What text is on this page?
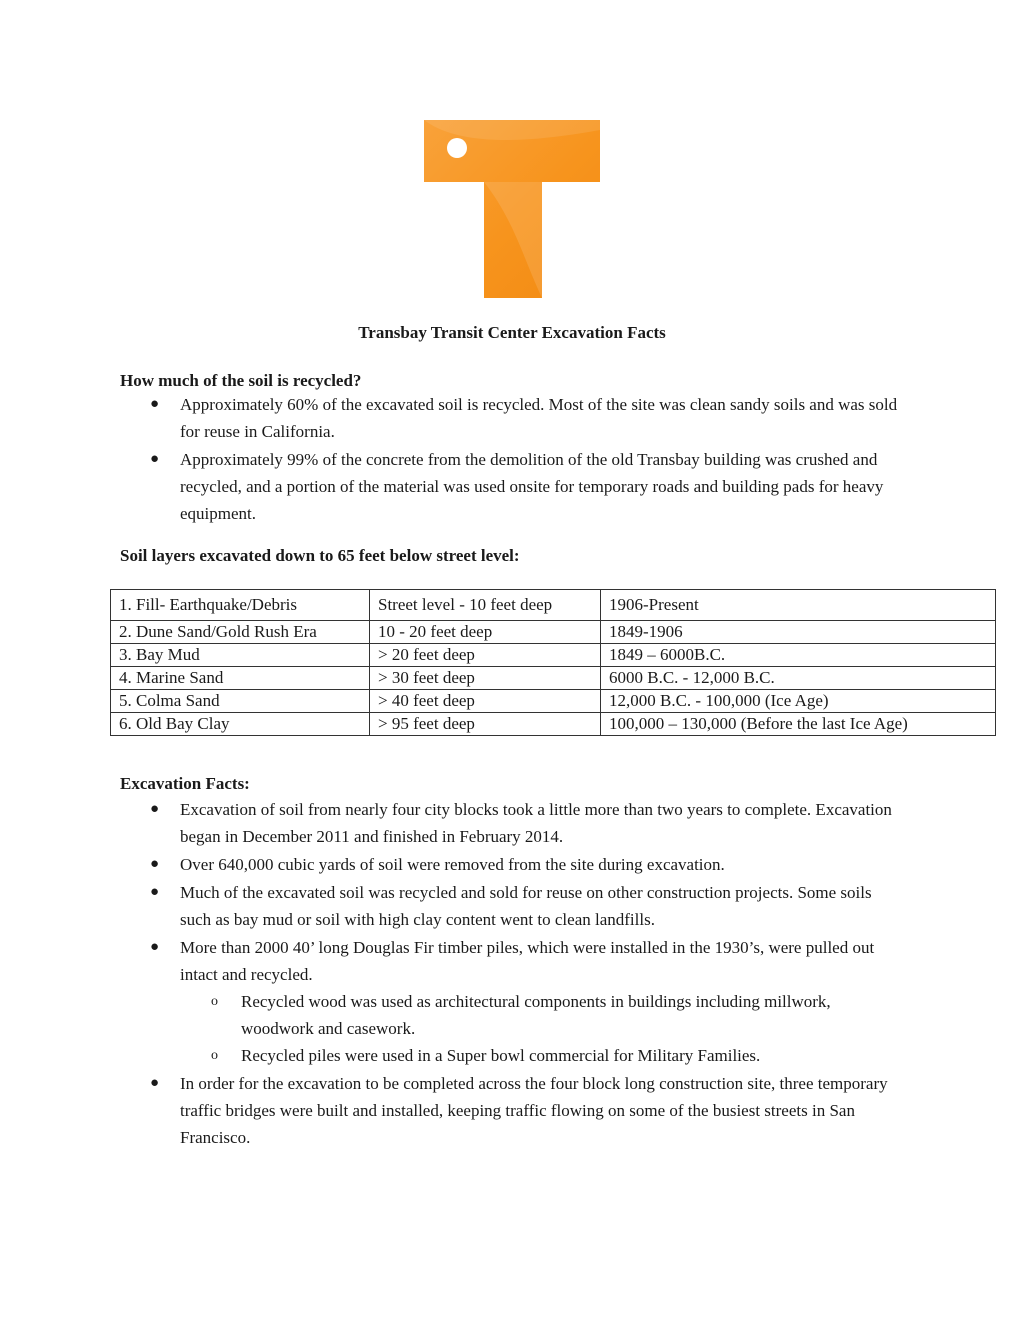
Transbay Transit Center Excavation Facts
How much of the soil is recycled?
● Approximately 60% of the excavated soil is recycled. Most of the site was clean sandy soils and was sold for reuse in California.
● Approximately 99% of the concrete from the demolition of the old Transbay building was crushed and recycled, and a portion of the material was used onsite for temporary roads and building pads for heavy equipment.
Soil layers excavated down to 65 feet below street level:
1. Fill- Earthquake/Debris	Street level - 10 feet deep	1906-Present
2. Dune Sand/Gold Rush Era	10 - 20 feet deep	1849-1906
3. Bay Mud	> 20 feet deep	1849 – 6000B.C.
4. Marine Sand	> 30 feet deep	6000 B.C. - 12,000 B.C.
5. Colma Sand	> 40 feet deep	12,000 B.C. - 100,000 (Ice Age)
6. Old Bay Clay	> 95 feet deep	100,000 – 130,000 (Before the last Ice Age)
Excavation Facts:
● Excavation of soil from nearly four city blocks took a little more than two years to complete. Excavation began in December 2011 and finished in February 2014.
● Over 640,000 cubic yards of soil were removed from the site during excavation.
● Much of the excavated soil was recycled and sold for reuse on other construction projects. Some soils such as bay mud or soil with high clay content went to clean landfills.
● More than 2000 40’ long Douglas Fir timber piles, which were installed in the 1930’s, were pulled out intact and recycled.
o Recycled wood was used as architectural components in buildings including millwork, woodwork and casework.
o Recycled piles were used in a Super bowl commercial for Military Families.
● In order for the excavation to be completed across the four block long construction site, three temporary traffic bridges were built and installed, keeping traffic flowing on some of the busiest streets in San Francisco.
